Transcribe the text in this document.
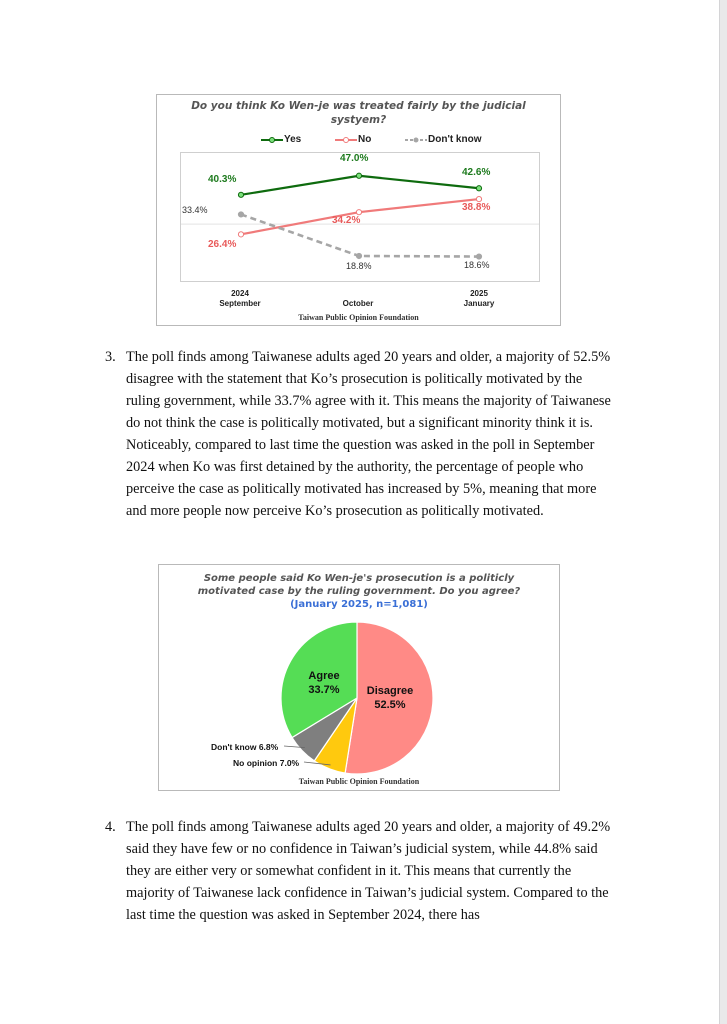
Do you think Ko Wen-je was treated fairly by the judicial
systyem?
Yes	No	Don't know
40.3%
47.0%
42.6%
26.4%
34.2%
38.8%
33.4%
18.8%	18.6%
2024
September
	October
2025
January
Taiwan Public Opinion Foundation
3. The poll finds among Taiwanese adults aged 20 years and older, a majority of 52.5% disagree with the statement that Ko’s prosecution is politically motivated by the ruling government, while 33.7% agree with it. This means the majority of Taiwanese do not think the case is politically motivated, but a significant minority think it is. Noticeably, compared to last time the question was asked in the poll in September 2024 when Ko was first detained by the authority, the percentage of people who perceive the case as politically motivated has increased by 5%, meaning that more and more people now perceive Ko’s prosecution as politically motivated.
Some people said Ko Wen-je's prosecution is a politicly
motivated case by the ruling government. Do you agree?
(January 2025, n=1,081)
Agree
33.7%	Disagree
52.5%
Don't know 6.8%
No opinion 7.0%
Taiwan Public Opinion Foundation
4. The poll finds among Taiwanese adults aged 20 years and older, a majority of 49.2% said they have few or no confidence in Taiwan’s judicial system, while 44.8% said they are either very or somewhat confident in it. This means that currently the majority of Taiwanese lack confidence in Taiwan’s judicial system. Compared to the last time the question was asked in September 2024, there has
